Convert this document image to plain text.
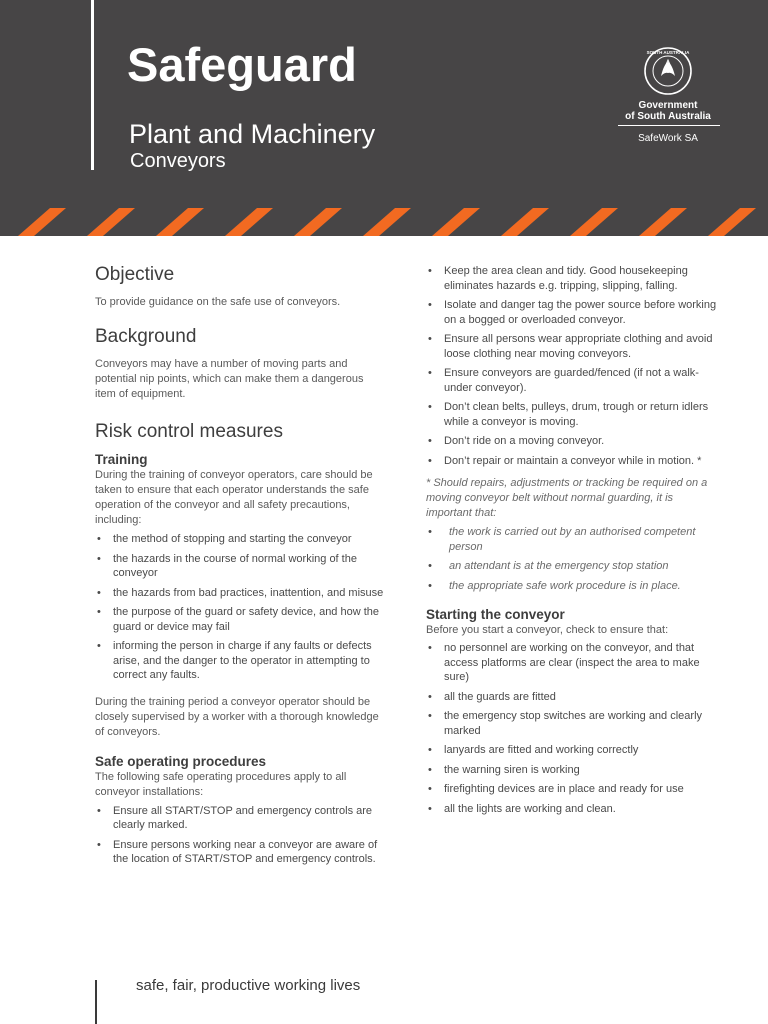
Safeguard
Plant and Machinery
Conveyors
SOUTH AUSTRALIA
Government
of South Australia
SafeWork SA
Objective

To provide guidance on the safe use of conveyors.

Background

Conveyors may have a number of moving parts and potential nip points, which can make them a dangerous item of equipment.

Risk control measures
Training

During the training of conveyor operators, care should be taken to ensure that each operator understands the safe operation of the conveyor and all safety precautions, including:

• the method of stopping and starting the conveyor
• the hazards in the course of normal working of the conveyor
• the hazards from bad practices, inattention, and misuse
• the purpose of the guard or safety device, and how the guard or device may fail
• informing the person in charge if any faults or defects arise, and the danger to the operator in attempting to correct any faults.

During the training period a conveyor operator should be closely supervised by a worker with a thorough knowledge of conveyors.

Safe operating procedures

The following safe operating procedures apply to all conveyor installations:

• Ensure all START/STOP and emergency controls are clearly marked.
• Ensure persons working near a conveyor are aware of the location of START/STOP and emergency controls.
• Keep the area clean and tidy. Good housekeeping eliminates hazards e.g. tripping, slipping, falling.
• Isolate and danger tag the power source before working on a bogged or overloaded conveyor.
• Ensure all persons wear appropriate clothing and avoid loose clothing near moving conveyors.
• Ensure conveyors are guarded/fenced (if not a walk-under conveyor).
• Don’t clean belts, pulleys, drum, trough or return idlers while a conveyor is moving.
• Don’t ride on a moving conveyor.
• Don’t repair or maintain a conveyor while in motion. *

* Should repairs, adjustments or tracking be required on a moving conveyor belt without normal guarding, it is important that:

• the work is carried out by an authorised competent person
• an attendant is at the emergency stop station
• the appropriate safe work procedure is in place.
Starting the conveyor

Before you start a conveyor, check to ensure that:

• no personnel are working on the conveyor, and that access platforms are clear (inspect the area to make sure)
• all the guards are fitted
• the emergency stop switches are working and clearly marked
• lanyards are fitted and working correctly
• the warning siren is working
• firefighting devices are in place and ready for use
• all the lights are working and clean.
safe, fair, productive working lives
